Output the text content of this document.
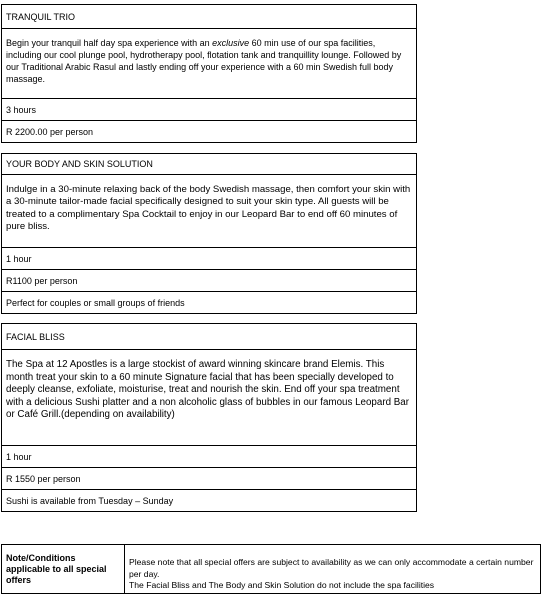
TRANQUIL TRIO
Begin your tranquil half day spa experience with an exclusive 60 min use of our spa facilities, including our cool plunge pool, hydrotherapy pool, flotation tank and tranquillity lounge. Followed by our Traditional Arabic Rasul and lastly ending off your experience with a 60 min Swedish full body massage.
3 hours
R 2200.00 per person
YOUR BODY AND SKIN SOLUTION
Indulge in a 30-minute relaxing back of the body Swedish massage, then comfort your skin with a 30-minute tailor-made facial specifically designed to suit your skin type. All guests will be treated to a complimentary Spa Cocktail to enjoy in our Leopard Bar to end off 60 minutes of pure bliss.
1 hour
R1100 per person
Perfect for couples or small groups of friends
FACIAL BLISS
The Spa at 12 Apostles is a large stockist of award winning skincare brand Elemis. This month treat your skin to a 60 minute Signature facial that has been specially developed to deeply cleanse, exfoliate, moisturise, treat and nourish the skin. End off your spa treatment with a delicious Sushi platter and a non alcoholic glass of bubbles in our famous Leopard Bar or Café Grill.(depending on availability)
1 hour
R 1550 per person
Sushi is available from Tuesday – Sunday
Note/Conditions applicable to all special offers
Please note that all special offers are subject to availability as we can only accommodate a certain number per day.
The Facial Bliss and The Body and Skin Solution do not include the spa facilities
